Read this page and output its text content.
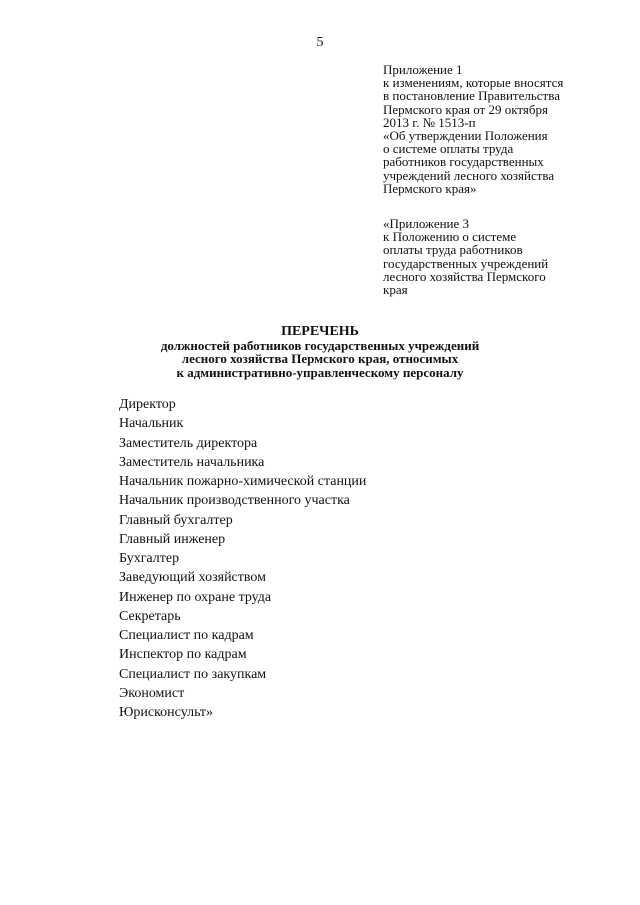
5
Приложение 1
к изменениям, которые вносятся
в постановление Правительства
Пермского края от 29 октября
2013 г. № 1513-п
«Об утверждении Положения
о системе оплаты труда
работников государственных
учреждений лесного хозяйства
Пермского края»
«Приложение 3
к Положению о системе
оплаты труда работников
государственных учреждений
лесного хозяйства Пермского
края
ПЕРЕЧЕНЬ
должностей работников государственных учреждений
лесного хозяйства Пермского края, относимых
к административно-управленческому персоналу
Директор
Начальник
Заместитель директора
Заместитель начальника
Начальник пожарно-химической станции
Начальник производственного участка
Главный бухгалтер
Главный инженер
Бухгалтер
Заведующий хозяйством
Инженер по охране труда
Секретарь
Специалист по кадрам
Инспектор по кадрам
Специалист по закупкам
Экономист
Юрисконсульт»
